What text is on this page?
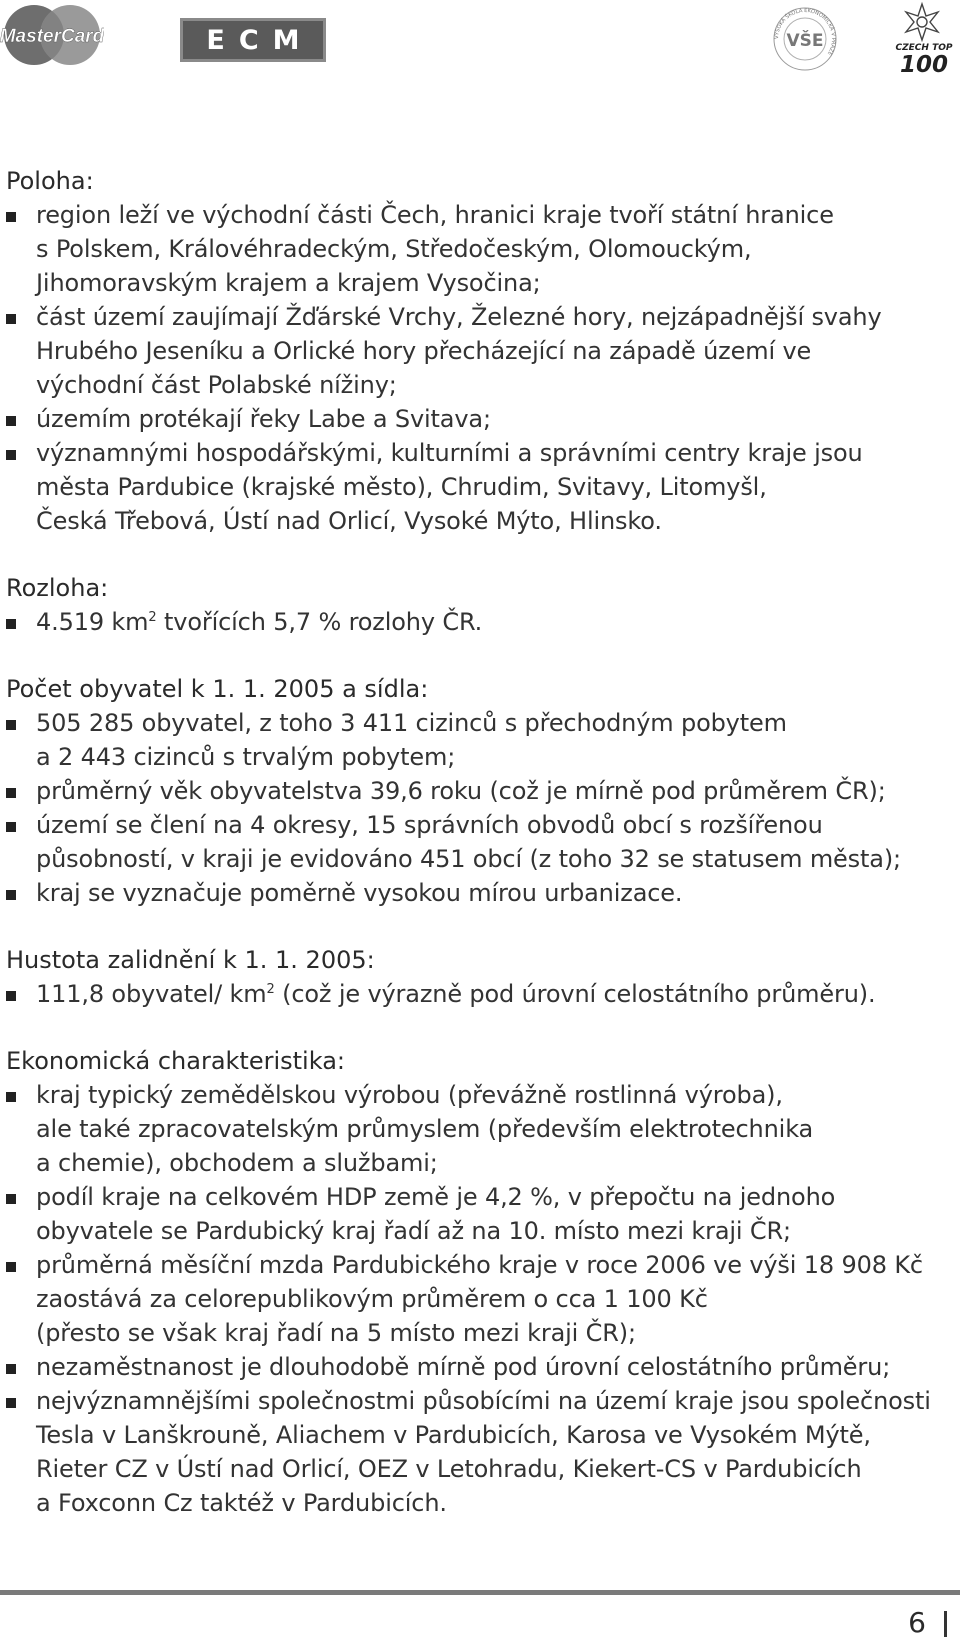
MasterCard	ECM	VYSOKÁ ŠKOLA EKONOMICKÁ V PRAZE
VŠE	CZECH TOP
100
Poloha:
region leží ve východní části Čech, hranici kraje tvoří státní hranice
s Polskem, Královéhradeckým, Středočeským, Olomouckým,
Jihomoravským krajem a krajem Vysočina;
část území zaujímají Žďárské Vrchy, Železné hory, nejzápadnější svahy
Hrubého Jeseníku a Orlické hory přecházející na západě území ve
východní část Polabské nížiny;
územím protékají řeky Labe a Svitava;
významnými hospodářskými, kulturními a správními centry kraje jsou
města Pardubice (krajské město), Chrudim, Svitavy, Litomyšl,
Česká Třebová, Ústí nad Orlicí, Vysoké Mýto, Hlinsko.
Rozloha:
4.519 $km^2$ tvořících 5,7 % rozlohy ČR.
Počet obyvatel k 1. 1. 2005 a sídla:
505 285 obyvatel, z toho 3 411 cizinců s přechodným pobytem
a 2 443 cizinců s trvalým pobytem;
průměrný věk obyvatelstva 39,6 roku (což je mírně pod průměrem ČR);
území se člení na 4 okresy, 15 správních obvodů obcí s rozšířenou
působností, v kraji je evidováno 451 obcí (z toho 32 se statusem města);
kraj se vyznačuje poměrně vysokou mírou urbanizace.
Hustota zalidnění k 1. 1. 2005:
111,8 obyvatel/ $km^2$ (což je výrazně pod úrovní celostátního průměru).
Ekonomická charakteristika:
kraj typický zemědělskou výrobou (převážně rostlinná výroba),
ale také zpracovatelským průmyslem (především elektrotechnika
a chemie), obchodem a službami;
podíl kraje na celkovém HDP země je 4,2 %, v přepočtu na jednoho
obyvatele se Pardubický kraj řadí až na 10. místo mezi kraji ČR;
průměrná měsíční mzda Pardubického kraje v roce 2006 ve výši 18 908 Kč
zaostává za celorepublikovým průměrem o cca 1 100 Kč
(přesto se však kraj řadí na 5 místo mezi kraji ČR);
nezaměstnanost je dlouhodobě mírně pod úrovní celostátního průměru;
nejvýznamnějšími společnostmi působícími na území kraje jsou společnosti
Tesla v Lanškrouně, Aliachem v Pardubicích, Karosa ve Vysokém Mýtě,
Rieter CZ v Ústí nad Orlicí, OEZ v Letohradu, Kiekert-CS v Pardubicích
a Foxconn Cz taktéž v Pardubicích.
6
